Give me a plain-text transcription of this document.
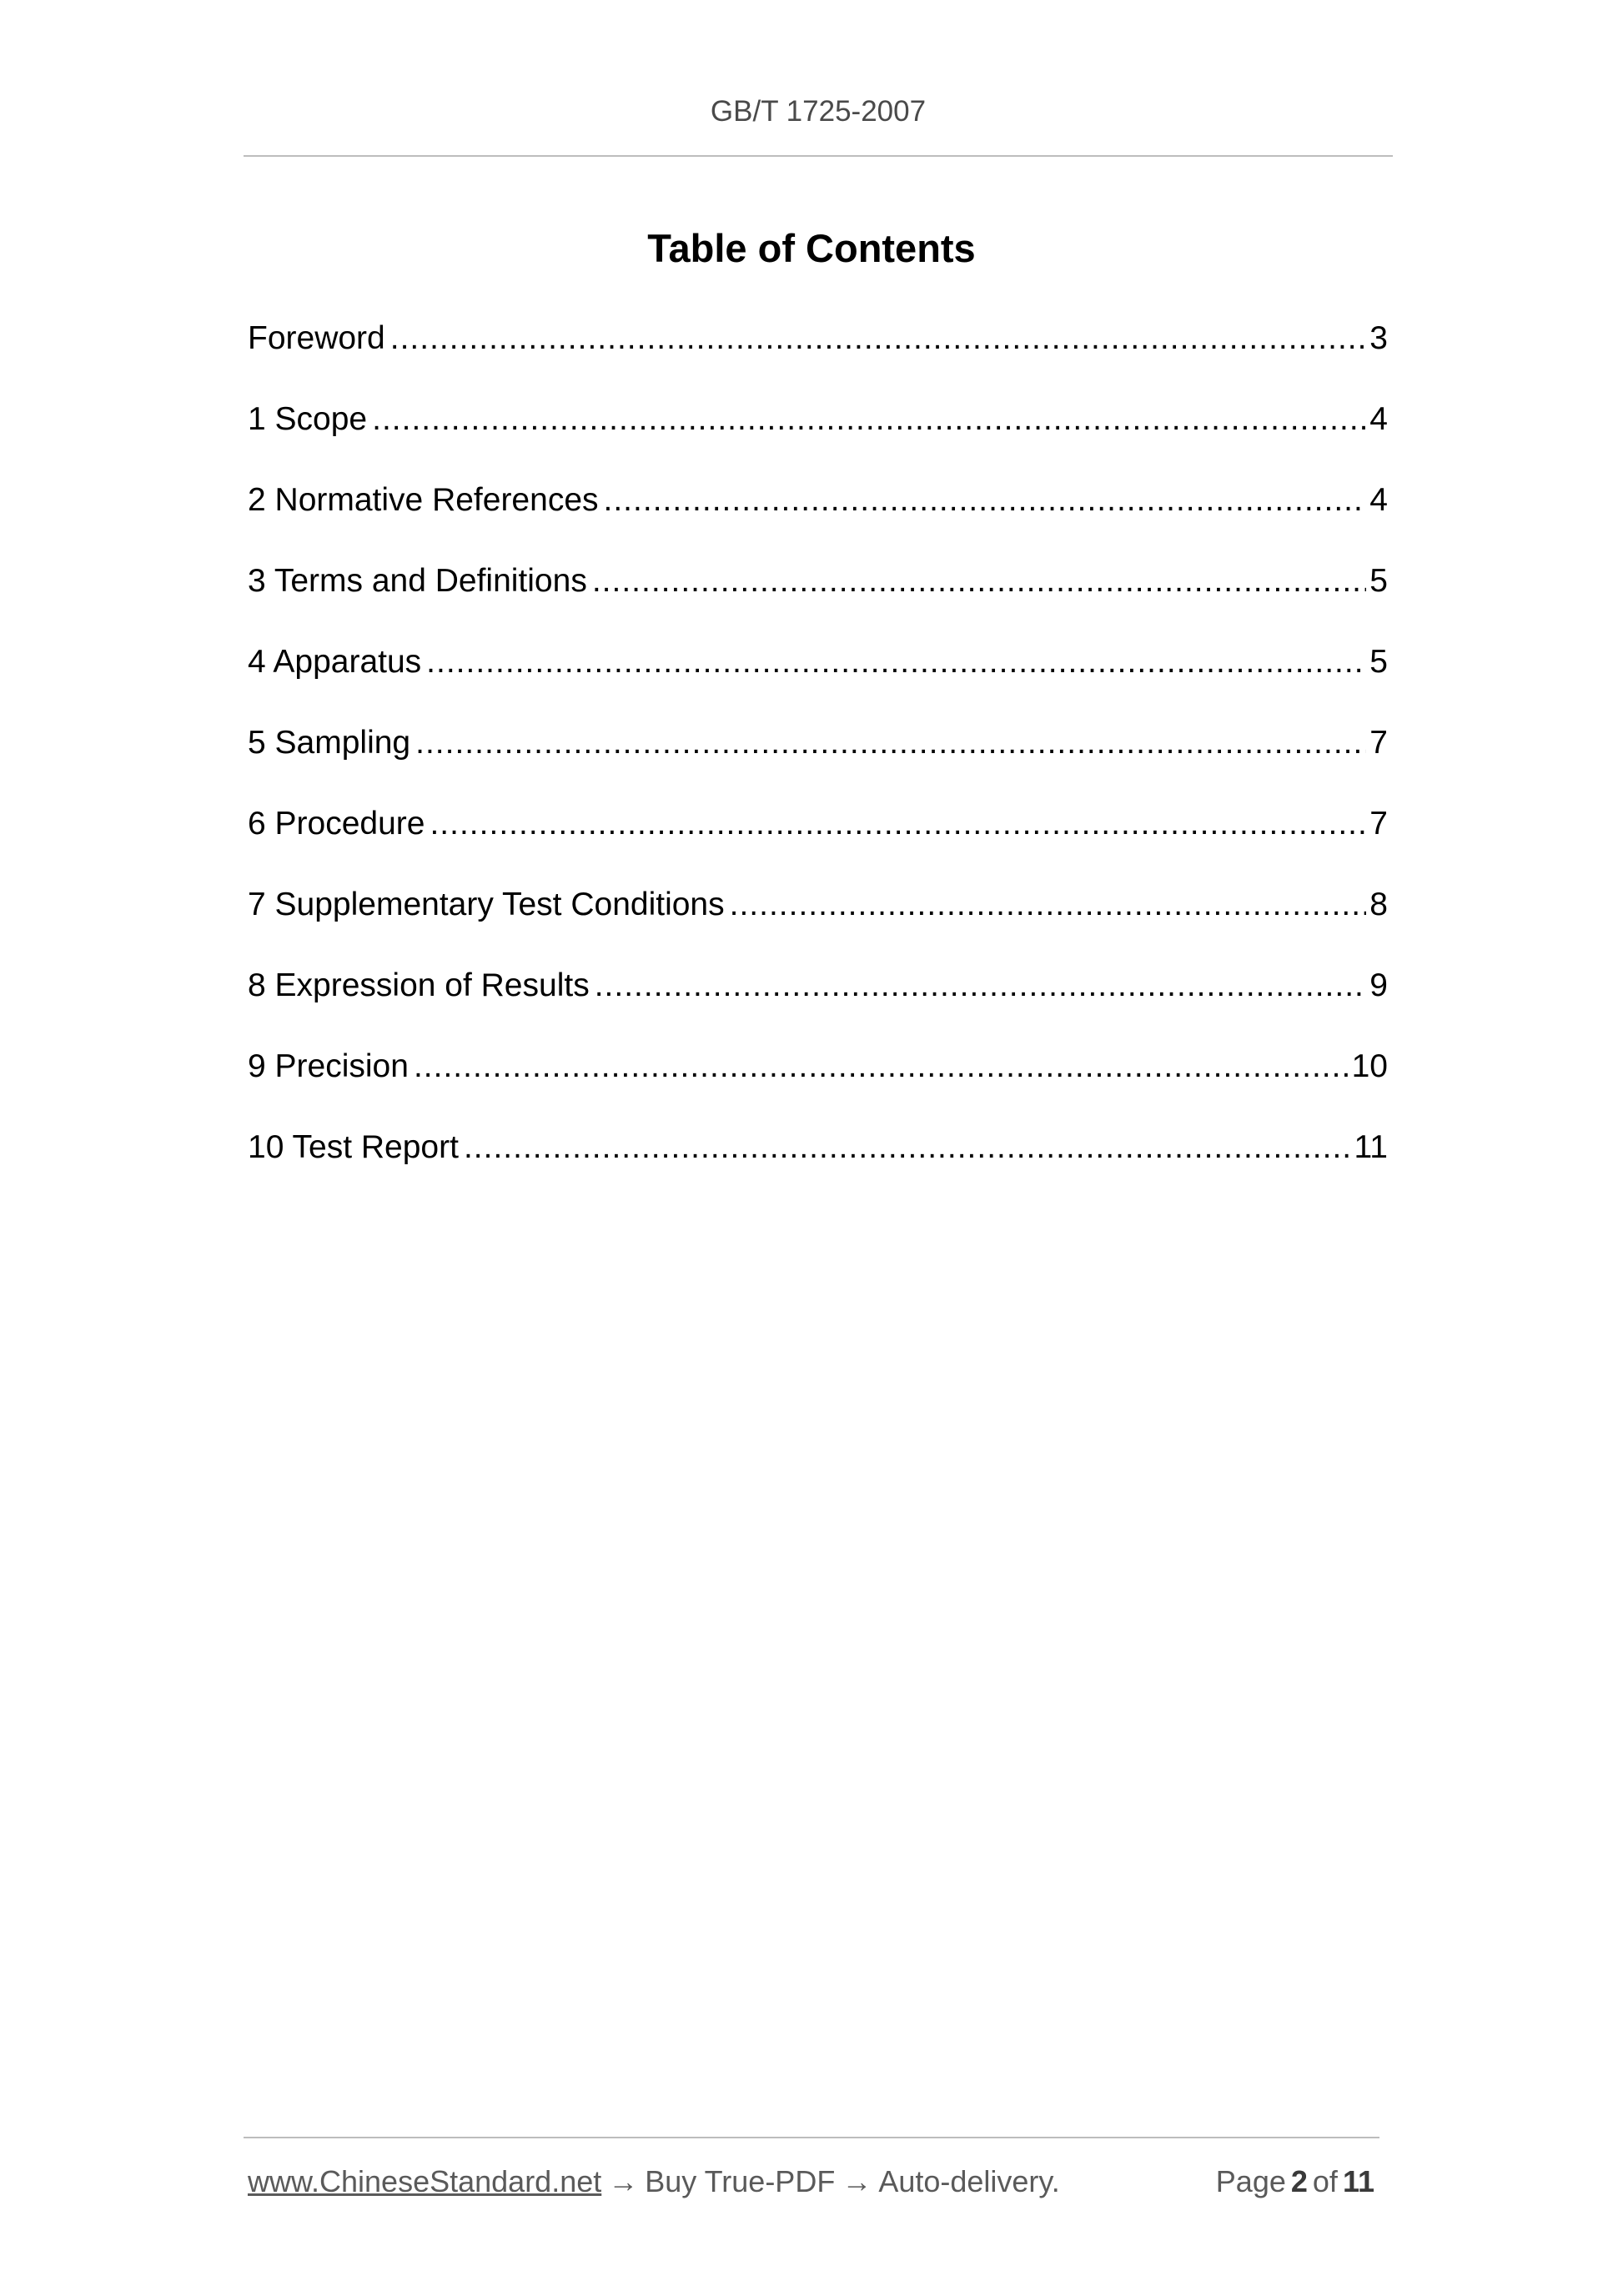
GB/T 1725-2007
Table of Contents
Foreword .....	3
1 Scope .....	4
2 Normative References .....	4
3 Terms and Definitions .....	5
4 Apparatus .....	5
5 Sampling .....	7
6 Procedure .....	7
7 Supplementary Test Conditions .....	8
8 Expression of Results .....	9
9 Precision .....	10
10 Test Report .....	11
www.ChineseStandard.net → Buy True-PDF → Auto-delivery.	Page 2 of 11
